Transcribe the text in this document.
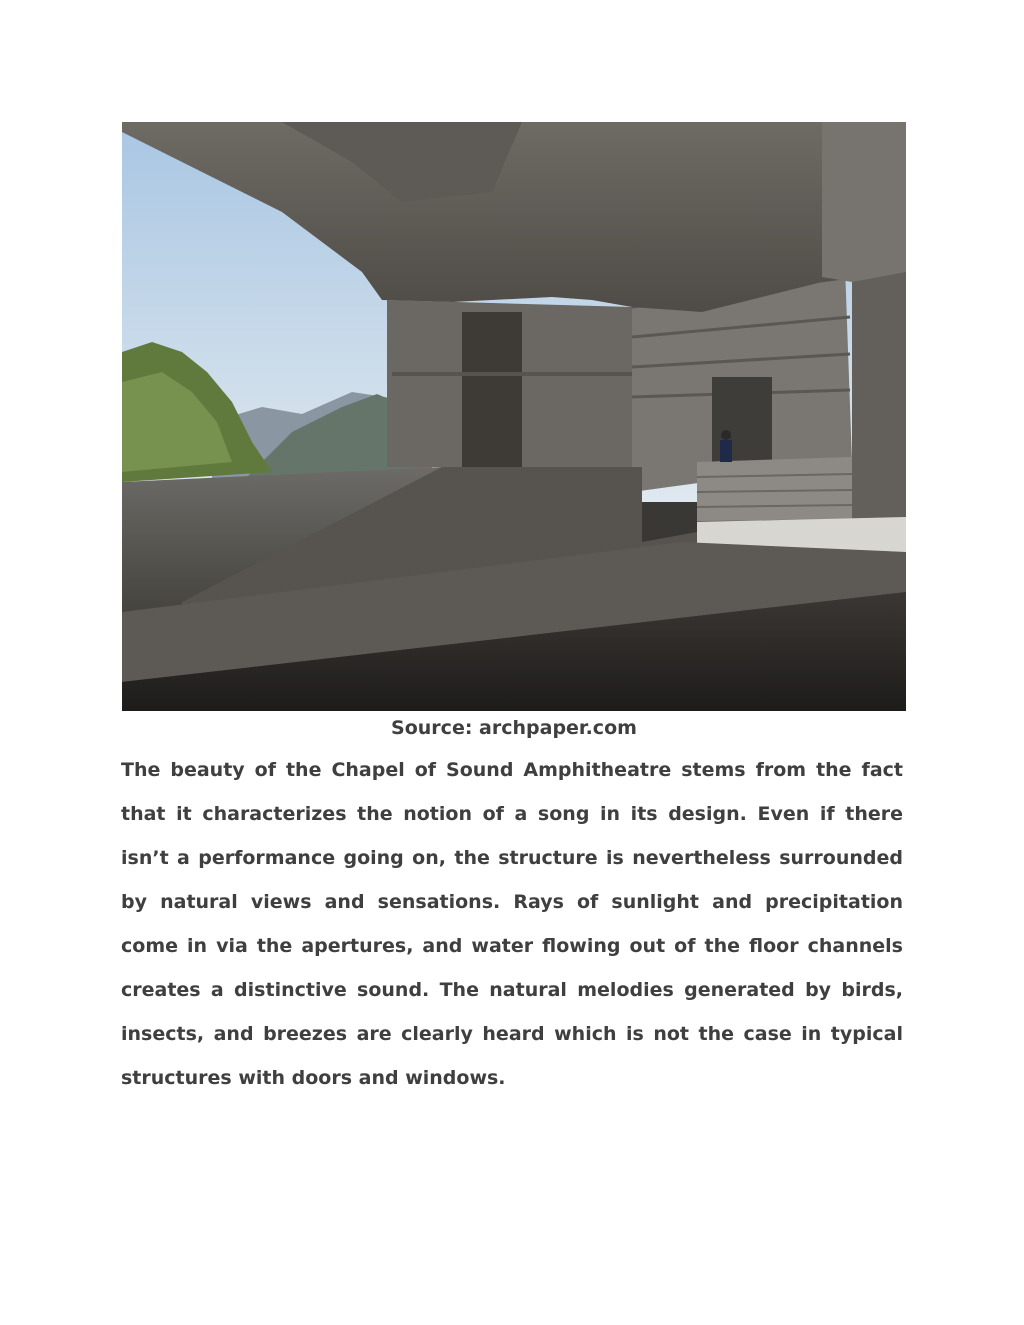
Source: archpaper.com

The beauty of the Chapel of Sound Amphitheatre stems from the fact that it characterizes the notion of a song in its design. Even if there isn’t a performance going on, the structure is nevertheless surrounded by natural views and sensations. Rays of sunlight and precipitation come in via the apertures, and water flowing out of the floor channels creates a distinctive sound. The natural melodies generated by birds, insects, and breezes are clearly heard which is not the case in typical structures with doors and windows.
